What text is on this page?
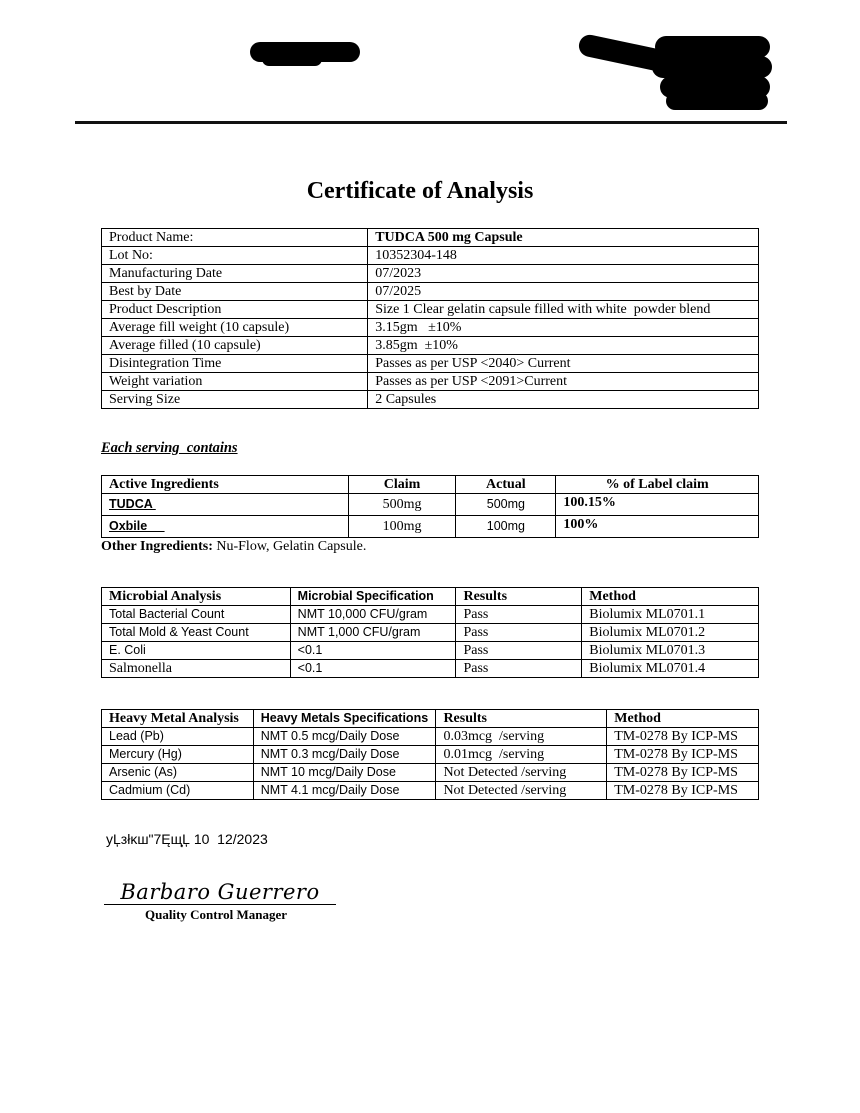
Certificate of Analysis
Product Name:	TUDCA 500 mg Capsule
Lot No:	10352304-148
Manufacturing Date	07/2023
Best by Date	07/2025
Product Description	Size 1 Clear gelatin capsule filled with white  powder blend
Average fill weight (10 capsule)	3.15gm   ±10%
Average filled (10 capsule)	3.85gm  ±10%
Disintegration Time	Passes as per USP <2040> Current
Weight variation	Passes as per USP <2091>Current
Serving Size	2 Capsules
Each serving  contains
Active Ingredients	Claim	Actual	% of Label claim
TUDCA	500mg	500mg	100.15%
Oxbile	100mg	100mg	100%
Other Ingredients: Nu-Flow, Gelatin Capsule.
Microbial Analysis	Microbial Specification	Results	Method
Total Bacterial Count	NMT 10,000 CFU/gram	Pass	Biolumix ML0701.1
Total Mold & Yeast Count	NMT 1,000 CFU/gram	Pass	Biolumix ML0701.2
E. Coli	<0.1	Pass	Biolumix ML0701.3
Salmonella	<0.1	Pass	Biolumix ML0701.4
Heavy Metal Analysis	Heavy Metals Specifications	Results	Method
Lead (Pb)	NMT 0.5 mcg/Daily Dose	0.03mcg  /serving	TM-0278 By ICP-MS
Mercury (Hg)	NMT 0.3 mcg/Daily Dose	0.01mcg  /serving	TM-0278 By ICP-MS
Arsenic (As)	NMT 10 mcg/Daily Dose	Not Detected /serving	TM-0278 By ICP-MS
Cadmium (Cd)	NMT 4.1 mcg/Daily Dose	Not Detected /serving	TM-0278 By ICP-MS
yĻзłĸш"7Ęщ̦Ļ 10  12/2023
Barbaro Guerrero
Quality Control Manager
